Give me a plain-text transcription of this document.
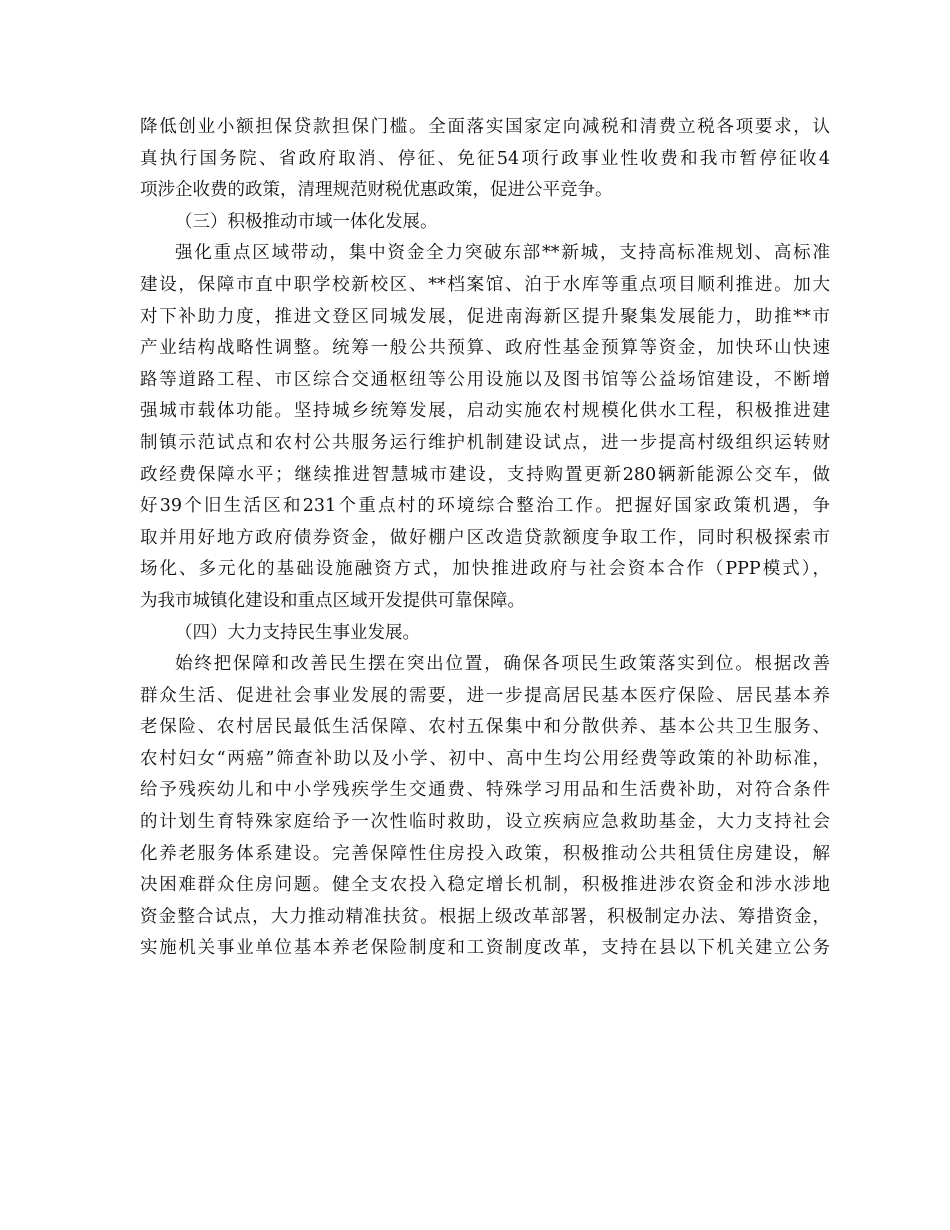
降低创业小额担保贷款担保门槛。全面落实国家定向减税和清费立税各项要求，认
真执行国务院、省政府取消、停征、免征54项行政事业性收费和我市暂停征收4
项涉企收费的政策，清理规范财税优惠政策，促进公平竞争。
（三）积极推动市域一体化发展。
强化重点区域带动，集中资金全力突破东部**新城，支持高标准规划、高标准
建设，保障市直中职学校新校区、**档案馆、泊于水库等重点项目顺利推进。加大
对下补助力度，推进文登区同城发展，促进南海新区提升聚集发展能力，助推**市
产业结构战略性调整。统筹一般公共预算、政府性基金预算等资金，加快环山快速
路等道路工程、市区综合交通枢纽等公用设施以及图书馆等公益场馆建设，不断增
强城市载体功能。坚持城乡统筹发展，启动实施农村规模化供水工程，积极推进建
制镇示范试点和农村公共服务运行维护机制建设试点，进一步提高村级组织运转财
政经费保障水平；继续推进智慧城市建设，支持购置更新280辆新能源公交车，做
好39个旧生活区和231个重点村的环境综合整治工作。把握好国家政策机遇，争
取并用好地方政府债券资金，做好棚户区改造贷款额度争取工作，同时积极探索市
场化、多元化的基础设施融资方式，加快推进政府与社会资本合作（PPP模式），
为我市城镇化建设和重点区域开发提供可靠保障。
（四）大力支持民生事业发展。
始终把保障和改善民生摆在突出位置，确保各项民生政策落实到位。根据改善
群众生活、促进社会事业发展的需要，进一步提高居民基本医疗保险、居民基本养
老保险、农村居民最低生活保障、农村五保集中和分散供养、基本公共卫生服务、
农村妇女“两癌”筛查补助以及小学、初中、高中生均公用经费等政策的补助标准，
给予残疾幼儿和中小学残疾学生交通费、特殊学习用品和生活费补助，对符合条件
的计划生育特殊家庭给予一次性临时救助，设立疾病应急救助基金，大力支持社会
化养老服务体系建设。完善保障性住房投入政策，积极推动公共租赁住房建设，解
决困难群众住房问题。健全支农投入稳定增长机制，积极推进涉农资金和涉水涉地
资金整合试点，大力推动精准扶贫。根据上级改革部署，积极制定办法、筹措资金，
实施机关事业单位基本养老保险制度和工资制度改革，支持在县以下机关建立公务
